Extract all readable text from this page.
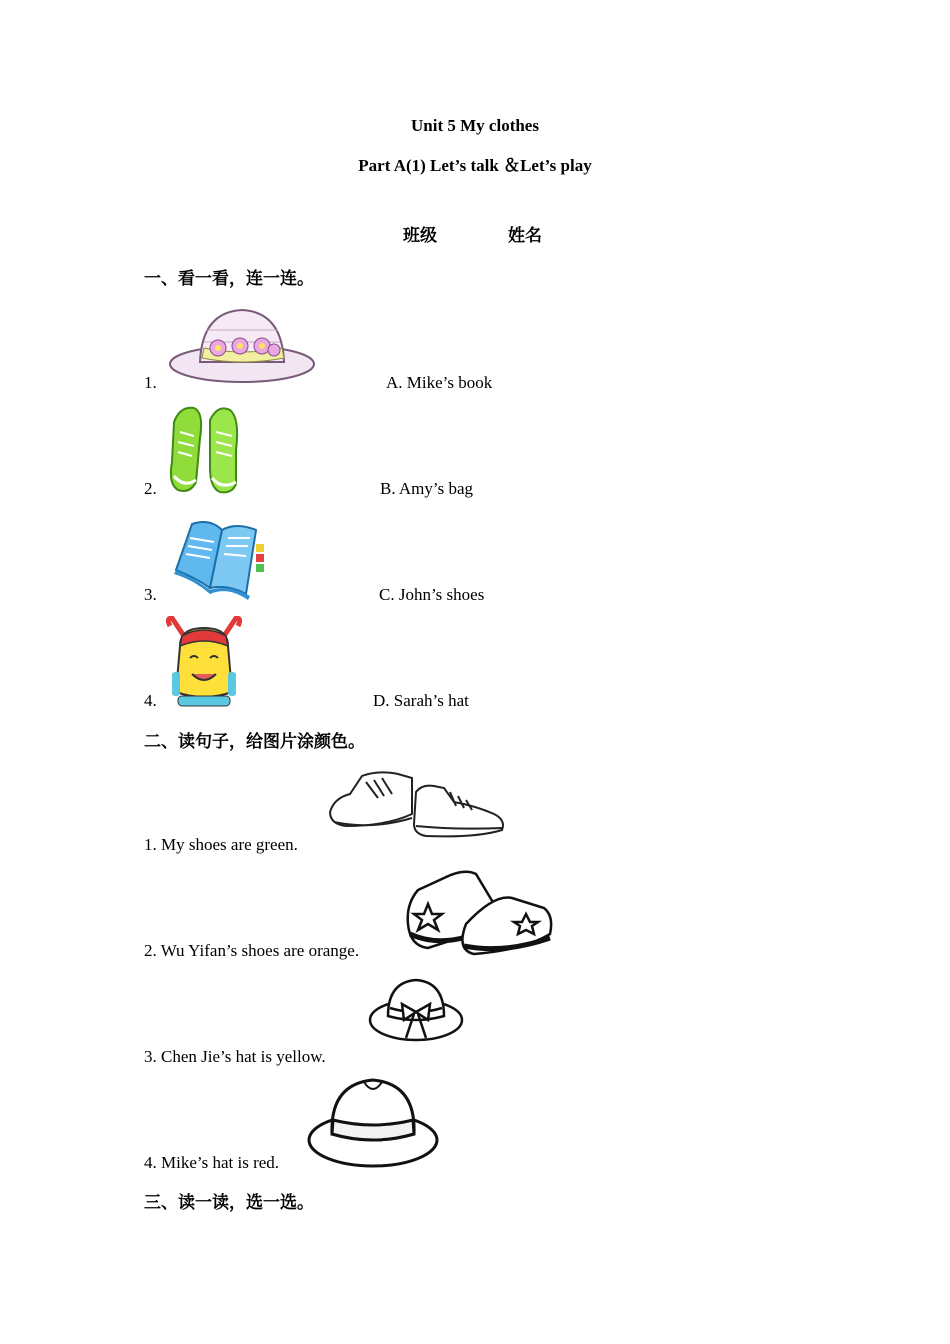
Unit 5 My clothes
Part A(1) Let’s talk ＆Let’s play
班级	姓名
一、看一看，连一连。
1.	A. Mike’s book
2.	B. Amy’s bag
3.	C. John’s shoes
4.	D. Sarah’s hat
二、读句子，给图片涂颜色。
1. My shoes are green.
2. Wu Yifan’s shoes are orange.
3. Chen Jie’s hat is yellow.
4. Mike’s hat is red.
三、读一读，选一选。
